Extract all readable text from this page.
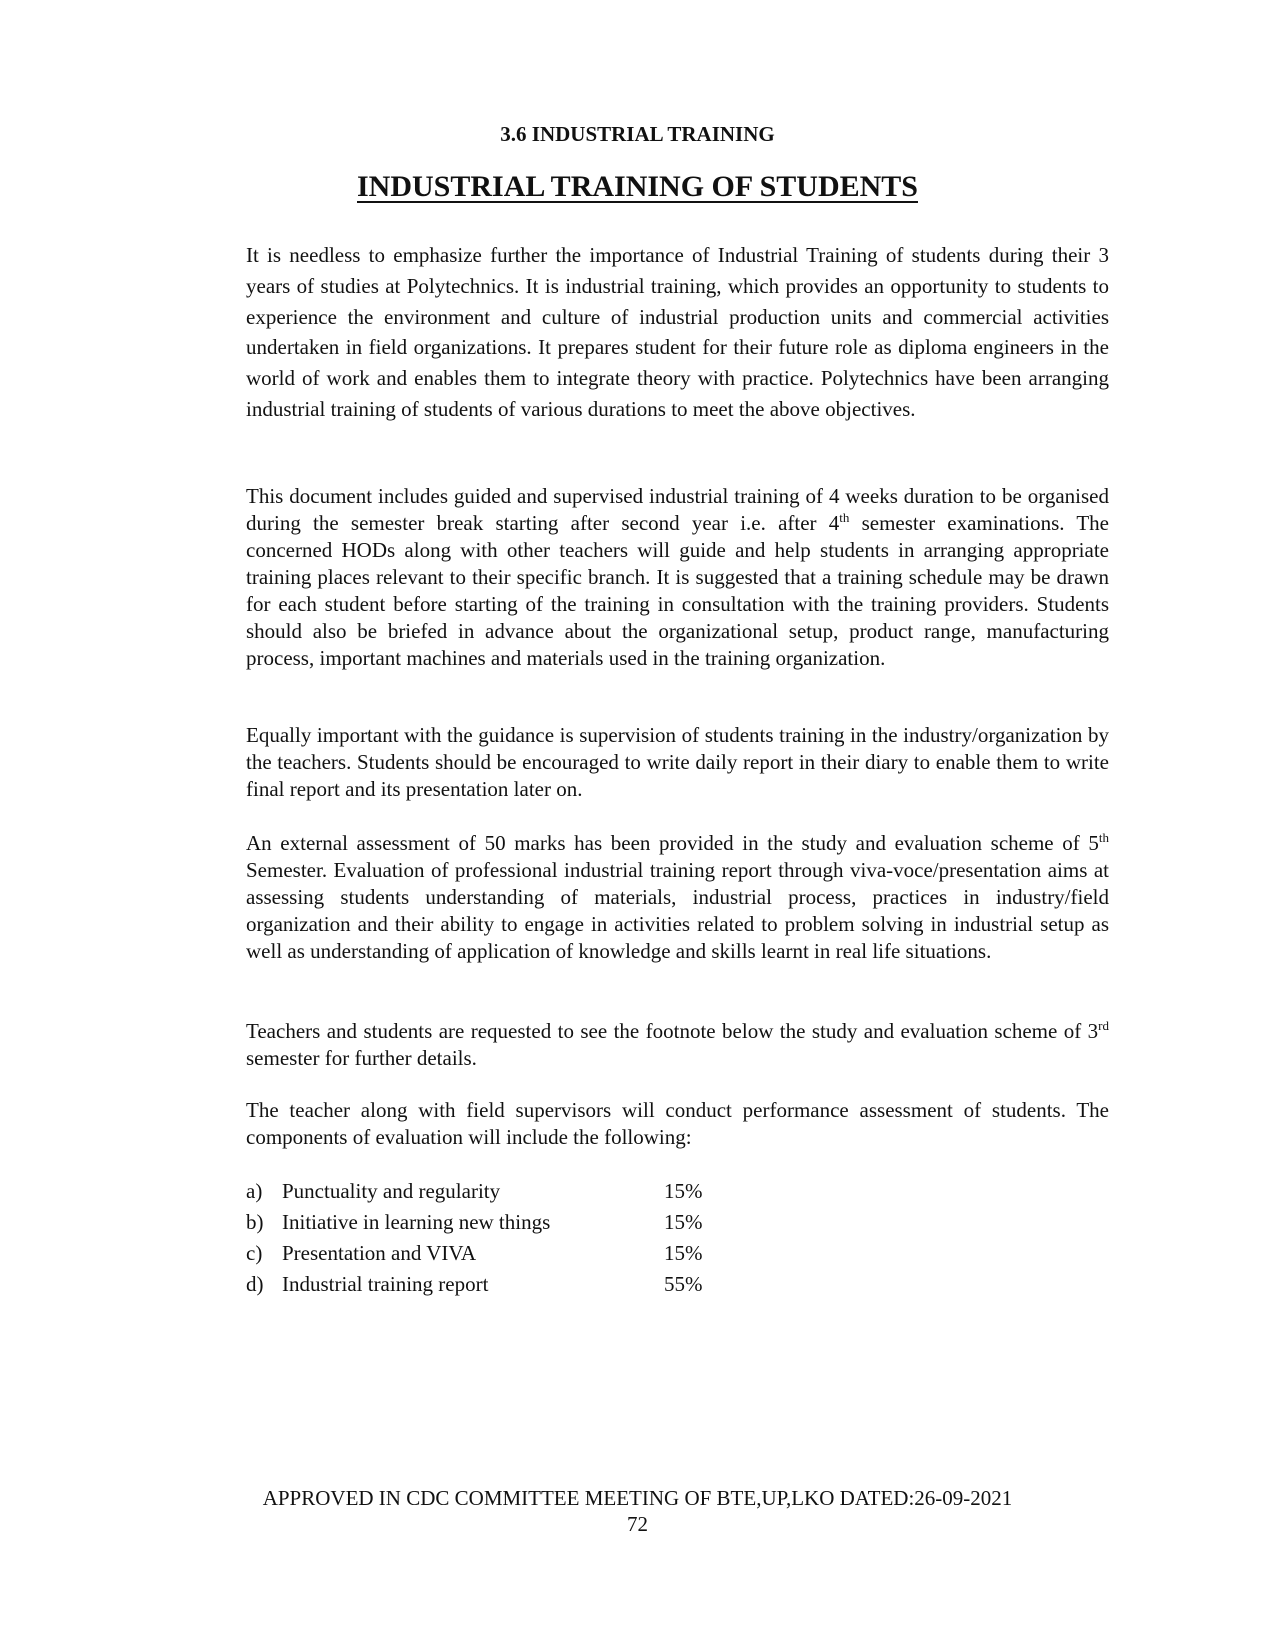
3.6 INDUSTRIAL TRAINING
INDUSTRIAL TRAINING OF STUDENTS

It is needless to emphasize further the importance of Industrial Training of students during their 3 years of studies at Polytechnics. It is industrial training, which provides an opportunity to students to experience the environment and culture of industrial production units and commercial activities undertaken in field organizations. It prepares student for their future role as diploma engineers in the world of work and enables them to integrate theory with practice. Polytechnics have been arranging industrial training of students of various durations to meet the above objectives.

This document includes guided and supervised industrial training of 4 weeks duration to be organised during the semester break starting after second year i.e. after 4th semester examinations. The concerned HODs along with other teachers will guide and help students in arranging appropriate training places relevant to their specific branch. It is suggested that a training schedule may be drawn for each student before starting of the training in consultation with the training providers. Students should also be briefed in advance about the organizational setup, product range, manufacturing process, important machines and materials used in the training organization.

Equally important with the guidance is supervision of students training in the industry/organization by the teachers. Students should be encouraged to write daily report in their diary to enable them to write final report and its presentation later on.

An external assessment of 50 marks has been provided in the study and evaluation scheme of 5th Semester. Evaluation of professional industrial training report through viva-voce/presentation aims at assessing students understanding of materials, industrial process, practices in industry/field organization and their ability to engage in activities related to problem solving in industrial setup as well as understanding of application of knowledge and skills learnt in real life situations.

Teachers and students are requested to see the footnote below the study and evaluation scheme of 3rd semester for further details.

The teacher along with field supervisors will conduct performance assessment of students. The components of evaluation will include the following:

a) Punctuality and regularity	15%
b) Initiative in learning new things	15%
c) Presentation and VIVA	15%
d) Industrial training report	55%
APPROVED IN CDC COMMITTEE MEETING OF BTE,UP,LKO DATED:26-09-2021
72
